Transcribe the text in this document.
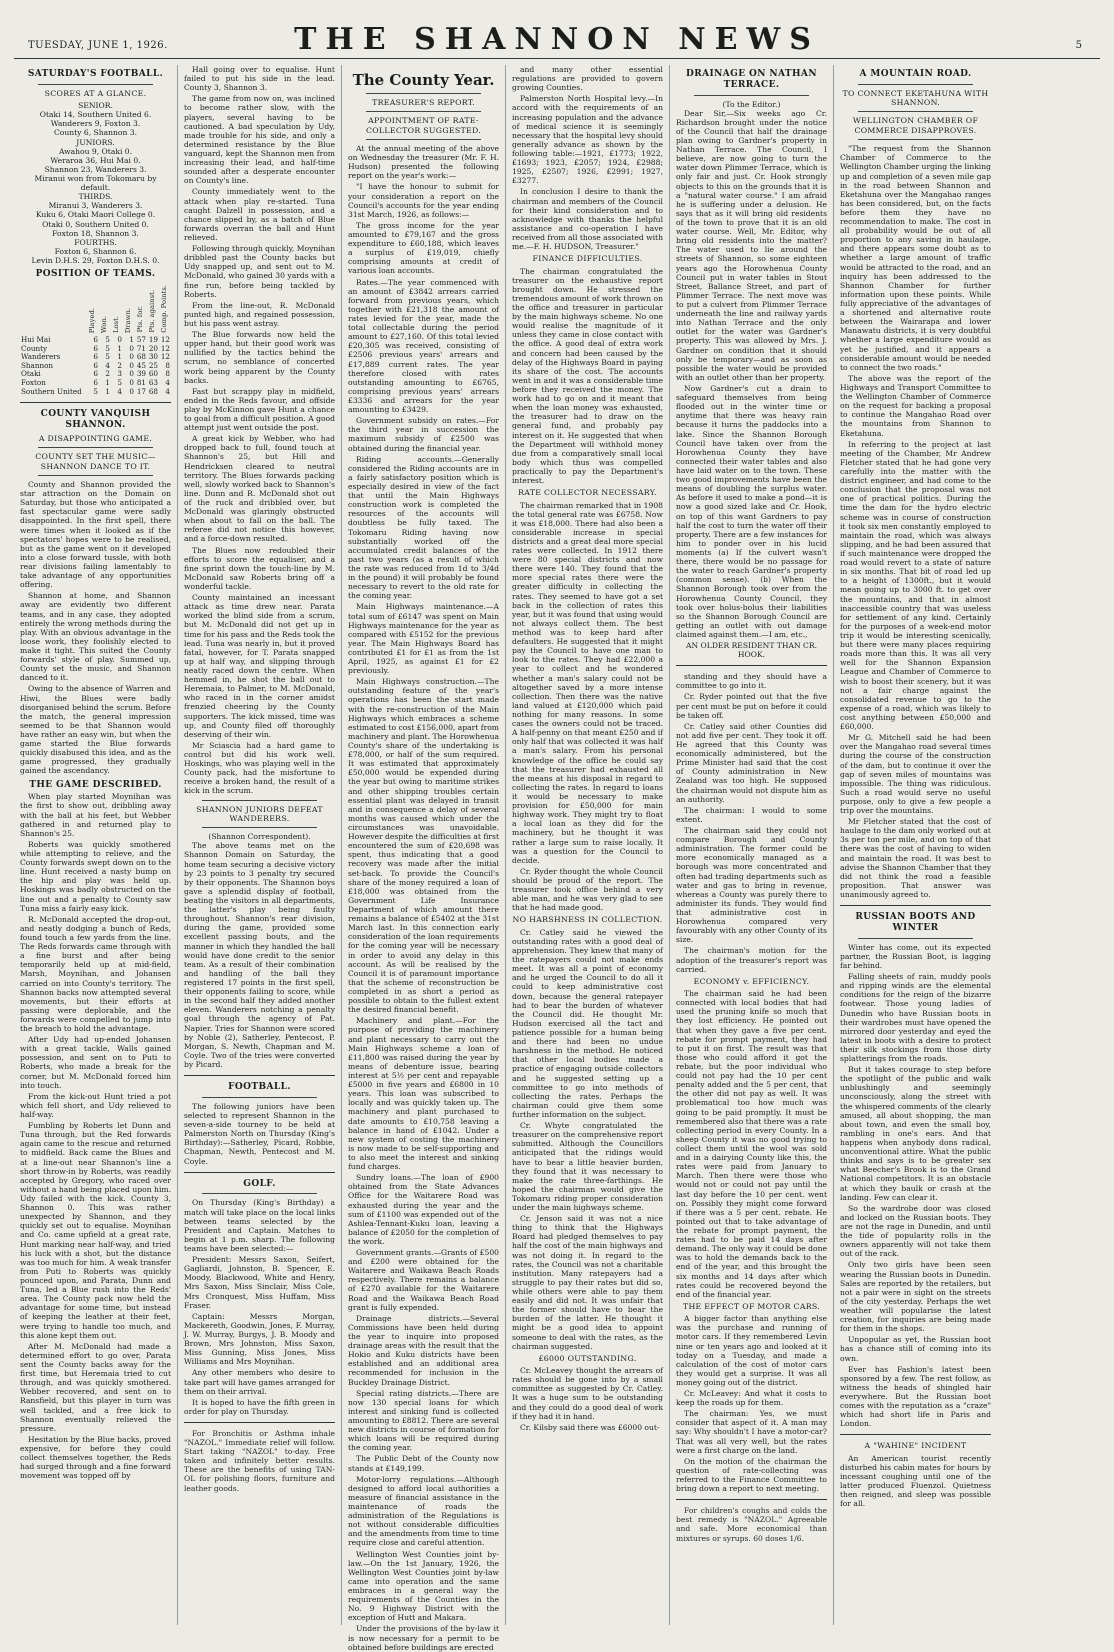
TUESDAY, JUNE 1, 1926.	THE SHANNON NEWS	5
SATURDAY'S FOOTBALL.
SCORES AT A GLANCE.
SENIOR.
Otaki 14, Southern United 6.
Wanderers 9, Foxton 3.
County 6, Shannon 3.
JUNIORS.
Awahou 9, Otaki 0.
Weraroa 36, Hui Mai 0.
Shannon 23, Wanderers 3.
Miranui won from Tokomaru by default.
THIRDS.
Miranui 3, Wanderers 3.
Kuku 6, Otaki Maori College 0.
Otaki 0, Southern United 0.
Foxton 18, Shannon 3.
FOURTHS.
Foxton 6, Shannon 6.
Levin D.H.S. 29, Foxton D.H.S. 0.
POSITION OF TEAMS.
	Played.	Won.	Lost.	Drawn.	Pts. for.	Pts. against.	Comp. Points.
Hui Mai	6	5	0	1	57	19	12
County	6	5	1	0	71	20	12
Wanderers	6	5	1	0	68	30	12
Shannon	6	4	2	0	45	25	8
Otaki	6	2	3	0	39	60	8
Foxton	6	1	5	0	81	63	4
Southern United	5	1	4	0	17	68	4
COUNTY VANQUISH SHANNON.
A DISAPPOINTING GAME.
COUNTY SET THE MUSIC—SHANNON DANCE TO IT.

County and Shannon provided the star attraction on the Domain on Saturday, but those who anticipated a fast spectacular game were sadly disappointed. In the first spell, there were times when it looked as if the spectators' hopes were to be realised, but as the game went on it developed into a close forward tussle, with both rear divisions failing lamentably to take advantage of any opportunities offering.

Shannon at home, and Shannon away are evidently two different teams, and in any case, they adopted entirely the wrong methods during the play. With an obvious advantage in the loose work, they foolishly elected to make it tight. This suited the County forwards' style of play. Summed up, County set the music, and Shannon danced to it.

Owing to the absence of Warren and Hiwi, the Blues were badly disorganised behind the scrum. Before the match, the general impression seemed to be that Shannon would have rather an easy win, but when the game started the Blue forwards quickly disabused this idea, and as the game progressed, they gradually gained the ascendancy.

THE GAME DESCRIBED.

When play started Moynihan was the first to show out, dribbling away with the ball at his feet, but Webber gathered in and returned play to Shannon's 25.

Roberts was quickly smothered while attempting to relieve, and the County forwards swept down on to the line. Hunt received a nasty bump on the hip and play was held up. Hoskings was badly obstructed on the line out and a penalty to County saw Tuna miss a fairly easy kick.

R. McDonald accepted the drop-out, and neatly dodging a bunch of Reds, found touch a few yards from the line. The Reds forwards came through with a fine burst and after being temporarily held up at mid-field, Marsh, Moynihan, and Johansen carried on into County's territory. The Shannon backs now attempted several movements, but their efforts at passing were deplorable, and the forwards were compelled to jump into the breach to hold the advantage.

After Udy had up-ended Johansen with a great tackle, Walls gained possession, and sent on to Puti to Roberts, who made a break for the corner, but M. McDonald forced him into touch.

From the kick-out Hunt tried a pot which fell short, and Udy relieved to half-way.

Fumbling by Roberts let Dunn and Tuna through, but the Red forwards again came to the rescue and returned to midfield. Back came the Blues and at a line-out near Shannon's line a short throw-in by Roberts, was readily accepted by Gregory, who raced over without a hand being placed upon him. Udy failed with the kick. County 3, Shannon 0. This was rather unexpected by Shannon, and they quickly set out to equalise. Moynihan and Co. came upfield at a great rate, Hunt marking near half-way, and tried his luck with a shot, but the distance was too much for him. A weak transfer from Puti to Roberts was quickly pounced upon, and Parata, Dunn and Tuna, led a Blue rush into the Reds' area. The County pack now held the advantage for some time, but instead of keeping the leather at their feet, were trying to handle too much, and this alone kept them out.

After M. McDonald had made a determined effort to go over, Parata sent the County backs away for the first time, but Heremaia tried to cut through, and was quickly smothered. Webber recovered, and sent on to Ransfield, but this player in turn was well tackled, and a free kick to Shannon eventually relieved the pressure.

Hesitation by the Blue backs, proved expensive, for before they could collect themselves together, the Reds had surged through and a fine forward movement was topped off by

Hall going over to equalise. Hunt failed to put his side in the lead. County 3, Shannon 3.

The game from now on, was inclined to become rather slow, with the players, several having to be cautioned. A bad speculation by Udy, made trouble for his side, and only a determined resistance by the Blue vanguard, kept the Shannon men from increasing their lead, and half-time sounded after a desperate encounter on County's line.

County immediately went to the attack when play re-started. Tuna caught Dalzell in possession, and a chance slipped by, as a batch of Blue forwards overran the ball and Hunt relieved.

Following through quickly, Moynihan dribbled past the County backs but Udy snapped up, and sent out to M. McDonald, who gained 30 yards with a fine run, before being tackled by Roberts.

From the line-out, R. McDonald punted high, and regained possession, but his pass went astray.

The Blue forwards now held the upper hand, but their good work was nullified by the tactics behind the scrum, no semblance of concerted work being apparent by the County backs.

Fast but scrappy play in midfield, ended in the Reds favour, and offside play by McKinnon gave Hunt a chance to goal from a difficult position. A good attempt just went outside the post.

A great kick by Webber, who had dropped back to full, found touch at Shannon's 25, but Hill and Hendricksen cleared to neutral territory. The Blues forwards packing well, slowly worked back to Shannon's line. Dunn and R. McDonald shot out of the ruck and dribbled over, but McDonald was glaringly obstructed when about to fall on the ball. The referee did not notice this however, and a force-down resulted.

The Blues now redoubled their efforts to score the equaliser, and a fine sprint down the touch-line by M. McDonald saw Roberts bring off a wonderful tackle.

County maintained an incessant attack as time drew near. Parata worked the blind side from a scrum, but M. McDonald did not get up in time for his pass and the Reds took the lead. Tuna was nearly in, but it proved fatal, however, for T. Parata snapped up at half way, and slipping through neatly raced down the centre. When hemmed in, he shot the ball out to Heremaia, to Palmer, to M. McDonald, who raced in in the corner amidst frenzied cheering by the County supporters. The kick missed, time was up, and County filed off thoroughly deserving of their win.

Mr Sciascia had a hard game to control but did his work well. Hoskings, who was playing well in the County pack, had the misfortune to receive a broken hand, the result of a kick in the scrum.

SHANNON JUNIORS DEFEAT WANDERERS.
(Shannon Correspondent).

The above teams met on the Shannon Domain on Saturday, the home team securing a decisive victory by 23 points to 3 penalty try secured by their opponents. The Shannon boys gave a splendid display of football, beating the visitors in all departments, the latter's play being faulty throughout. Shannon's rear division, during the game, provided some excellent passing bouts, and the manner in which they handled the ball would have done credit to the senior team. As a result of their combination and handling of the ball they registered 17 points in the first spell, their opponents failing to score, while in the second half they added another eleven. Wanderers notching a penalty goal through the agency of Pat. Napier. Tries for Shannon were scored by Noble (2), Satherley, Pentecost, P. Morgan, S. Newth, Chapman and M. Coyle. Two of the tries were converted by Picard.

FOOTBALL.

The following juniors have been selected to represent Shannon in the seven-a-side tourney to be held at Palmerston North on Thursday (King's Birthday):—Satherley, Picard, Robbie, Chapman, Newth, Pentecost and M. Coyle.

GOLF.

On Thursday (King's Birthday) a match will take place on the local links between teams selected by the President and Captain. Matches to begin at 1 p.m. sharp. The following teams have been selected:—

President: Messrs Saxon, Seifert, Gagliardi, Johnston, B. Spencer, E. Moody, Blackwood, White and Henry, Mrs Saxon, Miss Sinclair, Miss Cole, Mrs Cronquest, Miss Huffam, Miss Fraser.

Captain: Messrs Morgan, Mackereth, Goodwin, Jones, F. Murray, J. W. Murray, Burgys, J. B. Moody and Brown, Mrs Johnston, Miss Saxon, Miss Gunning, Miss Jones, Miss Williams and Mrs Moynihan.

Any other members who desire to take part will have games arranged for them on their arrival.

It is hoped to have the fifth green in order for play on Thursday.

For Bronchitis or Asthma inhale "NAZOL." Immediate relief will follow. Start taking "NAZOL" to-day. Free taken and infinitely better results. These are the benefits of using TAN-OL for polishing floors, furniture and leather goods.

The County Year.
TREASURER'S REPORT.
APPOINTMENT OF RATE-COLLECTOR SUGGESTED.

At the annual meeting of the above on Wednesday the treasurer (Mr. F. H. Hudson) presented the following report on the year's work:—

"I have the honour to submit for your consideration a report on the Council's accounts for the year ending 31st March, 1926, as follows:—

The gross income for the year amounted to £79,167 and the gross expenditure to £60,188, which leaves a surplus of £19,019, chiefly comprising amounts at credit of various loan accounts.

Rates.—The year commenced with an amount of £3842 arrears carried forward from previous years, which together with £21,318 the amount of rates levied for the year, made the total collectable during the period amount to £27,160. Of this total levied £20,305 was received, consisting of £2506 previous years' arrears and £17,889 current rates. The year therefore closed with rates outstanding amounting to £6765, comprising previous years' arrears £3336 and arrears for the year amounting to £3429.

Government subsidy on rates.—For the third year in succession the maximum subsidy of £2500 was obtained during the financial year.

Riding accounts.—Generally considered the Riding accounts are in a fairly satisfactory position which is especially desired in view of the fact that until the Main Highways construction work is completed the resources of the accounts will doubtless be fully taxed. The Tokomaru Riding having now substantially worked off the accumulated credit balances of the past two years (as a result of which the rate was reduced from 1d to 3/4d in the pound) it will probably be found necessary to revert to the old rate for the coming year.

Main Highways maintenance.—A total sum of £6147 was spent on Main Highways maintenance for the year as compared with £5152 for the previous year. The Main Highways Board has contributed £1 for £1 as from the 1st April, 1925, as against £1 for £2 previously.

Main Highways construction.—The outstanding feature of the year's operations has been the start made with the re-construction of the Main Highways which embraces a scheme estimated to cost £156,000, apart from machinery and plant. The Horowhenua County's share of the undertaking is £78,000, or half of the sum required. It was estimated that approximately £50,000 would be expended during the year but owing to maritime strikes and other shipping troubles certain essential plant was delayed in transit and in consequence a delay of several months was caused which under the circumstances was unavoidable. However despite the difficulties at first encountered the sum of £20,698 was spent, thus indicating that a good recovery was made after the initial set-back. To provide the Council's share of the money required a loan of £18,000 was obtained from the Government Life Insurance Department of which amount there remains a balance of £5402 at the 31st March last. In this connection early consideration of the loan requirements for the coming year will be necessary in order to avoid any delay in this account. As will be realised by the Council it is of paramount importance that the scheme of reconstruction be completed in as short a period as possible to obtain to the fullest extent the desired financial benefit.

Machinery and plant.—For the purpose of providing the machinery and plant necessary to carry out the Main Highways scheme a loan of £11,800 was raised during the year by means of debenture issue, bearing interest at 5½ per cent and repayable £5000 in five years and £6800 in 10 years. This loan was subscribed to locally and was quickly taken up. The machinery and plant purchased to date amounts to £10,758 leaving a balance in hand of £1042. Under a new system of costing the machinery is now made to be self-supporting and to also meet the interest and sinking fund charges.

Sundry loans.—The loan of £900 obtained from the State Advances Office for the Waitarere Road was exhausted during the year and the sum of £1100 was expended out of the Ashlea-Tennant-Kuku loan, leaving a balance of £2050 for the completion of the work.

Government grants.—Grants of £500 and £200 were obtained for the Waitarere and Waikawa Beach Roads respectively. There remains a balance of £270 available for the Waitarere Road and the Waikawa Beach Road grant is fully expended.

Drainage districts.—Several Commissions have been held during the year to inquire into proposed drainage areas with the result that the Hokio and Kuku districts have been established and an additional area recommended for inclusion in the Buckley Drainage District.

Special rating districts.—There are now 130 special loans for which interest and sinking fund is collected amounting to £8812. There are several new districts in course of formation for which loans will be required during the coming year.

The Public Debt of the County now stands at £149,199.

Motor-lorry regulations.—Although designed to afford local authorities a measure of financial assistance in the maintenance of roads the administration of the Regulations is not without considerable difficulties and the amendments from time to time require close and careful attention.

Wellington West Counties joint by-law.—On the 1st January, 1926, the Wellington West Counties joint by-law came into operation and the same embraces in a general way the requirements of the Counties in the No. 9 Highway District with the exception of Hutt and Makara.

Under the provisions of the by-law it is now necessary for a permit to be obtained before buildings are erected

and many other essential regulations are provided to govern growing Counties.

Palmerston North Hospital levy.—In accord with the requirements of an increasing population and the advance of medical science it is seemingly necessary that the hospital levy should generally advance as shown by the following table:—1921, £1773; 1922, £1693; 1923, £2057; 1924, £2988; 1925, £2507; 1926, £2991; 1927, £3277.

In conclusion I desire to thank the chairman and members of the Council for their kind consideration and to acknowledge with thanks the helpful assistance and co-operation I have received from all those associated with me.—F. H. HUDSON, Treasurer."

FINANCE DIFFICULTIES.

The chairman congratulated the treasurer on the exhaustive report brought down. He stressed the tremendous amount of work thrown on the office and treasurer in particular by the main highways scheme. No one would realise the magnitude of it unless they came in close contact with the office. A good deal of extra work and concern had been caused by the delay of the Highways Board in paying its share of the cost. The accounts went in and it was a considerable time before they received the money. The work had to go on and it meant that when the loan money was exhausted, the treasurer had to draw on the general fund, and probably pay interest on it. He suggested that when the Department will withhold money due from a comparatively small local body which thus was compelled practically to pay the Department's interest.

RATE COLLECTOR NECESSARY.

The chairman remarked that in 1908 the total general rate was £6758. Now it was £18,000. There had also been a considerable increase in special districts and a great deal more special rates were collected. In 1912 there were 80 special districts and now there were 140. They found that the more special rates there were the greater difficulty in collecting the rates. They seemed to have got a set back in the collection of rates this year, but it was found that using would not always collect them. The best method was to keep hard after defaulters. He suggested that it might pay the Council to have one man to look to the rates. They had £22,000 a year to collect and he wondered whether a man's salary could not be altogether saved by a more intense collection. Then there was the native land valued at £120,000 which paid nothing for many reasons. In some cases the owners could not be traced. A half-penny on that meant £250 and if only half that was collected it was half a man's salary. From his personal knowledge of the office he could say that the treasurer had exhausted all the means at his disposal in regard to collecting the rates. In regard to loans it would be necessary to make provision for £50,000 for main highway work. They might try to float a local loan as they did for the machinery, but he thought it was rather a large sum to raise locally. It was a question for the Council to decide.

Cr. Ryder thought the whole Council should be proud of the report. The treasurer took office behind a very able man, and he was very glad to see that he had made good.

NO HARSHNESS IN COLLECTION.

Cr. Catley said he viewed the outstanding rates with a good deal of apprehension. They knew that many of the ratepayers could not make ends meet. It was all a point of economy and he urged the Council to do all it could to keep administrative cost down, because the general ratepayer had to bear the burden of whatever the Council did. He thought Mr. Hudson exercised all the tact and patience possible for a human being and there had been no undue harshness in the method. He noticed that other local bodies made a practice of engaging outside collectors and he suggested setting up a committee to go into methods of collecting the rates. Perhaps the chairman could give them some further information on the subject.

Cr. Whyte congratulated the treasurer on the comprehensive report submitted. Although the Councillors anticipated that the ridings would have to bear a little heavier burden, they found that it was necessary to make the rate three-farthings. He hoped the chairman would give the Tokomaru riding proper consideration under the main highways scheme.

Cr. Jenson said it was not a nice thing to think that the Highways Board had pledged themselves to pay half the cost of the main highways and was not doing it. In regard to the rates, the Council was not a charitable institution. Many ratepayers had a struggle to pay their rates but did so, while others were able to pay them easily and did not. It was unfair that the former should have to bear the burden of the latter. He thought it might be a good idea to appoint someone to deal with the rates, as the chairman suggested.

£6000 OUTSTANDING.

Cr. McLeavey thought the arrears of rates should be gone into by a small committee as suggested by Cr. Catley. It was a huge sum to be outstanding and they could do a good deal of work if they had it in hand.

Cr. Kilsby said there was £6000 out-

DRAINAGE ON NATHAN TERRACE.
(To the Editor.)

Dear Sir,—Six weeks ago Cr. Richardson brought under the notice of the Council that half the drainage plan owing to Gardner's property in Nathan Terrace. The Council, I believe, are now going to turn the water down Plimmer Terrace, which is only fair and just. Cr. Hook strongly objects to this on the grounds that it is a "natural water course." I am afraid he is suffering under a delusion. He says that as it will bring old residents of the town to prove that it is an old water course. Well, Mr. Editor, why bring old residents into the matter? The water used to lie around the streets of Shannon, so some eighteen years ago the Horowhenua County Council put in water tables in Stout Street, Ballance Street, and part of Plimmer Terrace. The next move was to put a culvert from Plimmer Terrace underneath the line and railway yards into Nathan Terrace and the only outlet for the water was Gardner's property. This was allowed by Mrs. J. Gardner on condition that it should only be temporary—and as soon as possible the water would be provided with an outlet other than her property.

Now Gardner's cut a drain to safeguard themselves from being flooded out in the winter time or anytime that there was heavy rain because it turns the paddocks into a lake. Since the Shannon Borough Council have taken over from the Horowhenua County they have connected their water tables and also have laid water on to the town. These two good improvements have been the means of doubling the surplus water. As before it used to make a pond—it is now a good sized lake and Cr. Hook, on top of this want Gardners to pay half the cost to turn the water off their property. There are a few instances for him to ponder over in his lucid moments (a) If the culvert wasn't there, there would be no passage for the water to reach Gardner's property (common sense). (b) When the Shannon Borough took over from the Horowhenua County Council, they took over holus-bolus their liabilities so the Shannon Borough Council are getting an outlet with out damage claimed against them.—I am, etc.,

AN OLDER RESIDENT THAN CR. HOOK.

standing and they should have a committee to go into it.

Cr. Ryder pointed out that the five per cent must be put on before it could be taken off.

Cr. Catley said other Counties did not add five per cent. They took it off. He agreed that this County was economically administered, but the Prime Minister had said that the cost of County administration in New Zealand was too high. He supposed the chairman would not dispute him as an authority.

The chairman: I would to some extent.

The chairman said they could not compare Borough and County administration. The former could be more economically managed as a borough was more concentrated and often had trading departments such as water and gas to bring in revenue, whereas a County was purely there to administer its funds. They would find that administrative cost in Horowhenua compared very favourably with any other County of its size.

The chairman's motion for the adoption of the treasurer's report was carried.

ECONOMY v. EFFICIENCY.

The chairman said he had been connected with local bodies that had used the pruning knife so much that they lost efficiency. He pointed out that when they gave a five per cent. rebate for prompt payment, they had to put it on first. The result was that those who could afford it got the rebate, but the poor individual who could not pay had the 10 per cent penalty added and the 5 per cent, that the other did not pay as well. It was problematical too how much was going to be paid promptly. It must be remembered also that there was a rate collecting period in every County. In a sheep County it was no good trying to collect them until the wool was sold and in a dairying County like this, the rates were paid from January to March. Then there were those who would not or could not pay until the last day before the 10 per cent. went on. Possibly they might come forward if there was a 5 per cent. rebate. He pointed out that to take advantage of the rebate for prompt payment, the rates had to be paid 14 days after demand. The only way it could be done was to hold the demands back to the end of the year, and this brought the six months and 14 days after which rates could be recovered beyond the end of the financial year.

THE EFFECT OF MOTOR CARS.

A bigger factor than anything else was the purchase and running of motor cars. If they remembered Levin nine or ten years ago and looked at it today on a Tuesday, and made a calculation of the cost of motor cars they would get a surprise. It was all money going out of the district.

Cr. McLeavey: And what it costs to keep the roads up for them.

The chairman: Yes, we must consider that aspect of it. A man may say: Why shouldn't I have a motor-car? That was all very well, but the rates were a first charge on the land.

On the motion of the chairman the question of rate-collecting was referred to the Finance Committee to bring down a report to next meeting.

For children's coughs and colds the best remedy is "NAZOL." Agreeable and safe. More economical than mixtures or syrups. 60 doses 1/6.

A MOUNTAIN ROAD.
TO CONNECT EKETAHUNA WITH SHANNON.
WELLINGTON CHAMBER OF COMMERCE DISAPPROVES.

"The request from the Shannon Chamber of Commerce to the Wellington Chamber urging the linking up and completion of a seven mile gap in the road between Shannon and Eketahuna over the Mangahao ranges has been considered, but, on the facts before them they have no recommendation to make. The cost in all probability would be out of all proportion to any saving in haulage, and there appears some doubt as to whether a large amount of traffic would be attracted to the road, and an inquiry has been addressed to the Shannon Chamber for further information upon these points. While fully appreciative of the advantages of a shortened and alternative route between the Wairarapa and lower Manawatu districts, it is very doubtful whether a large expenditure would as yet be justified, and it appears a considerable amount would be needed to connect the two roads."

The above was the report of the Highways and Transport Committee to the Wellington Chamber of Commerce on the request for backing a proposal to continue the Mangahao Road over the mountains from Shannon to Eketahuna.

In referring to the project at last meeting of the Chamber, Mr Andrew Fletcher stated that he had gone very carefully into the matter with the district engineer, and had come to the conclusion that the proposal was not one of practical politics. During the time the dam for the hydro electric scheme was in course of construction it took six men constantly employed to maintain the road, which was always slipping, and he had been assured that if such maintenance were dropped the road would revert to a state of nature in six months. That bit of road led up to a height of 1300ft., but it would mean going up to 3000 ft. to get over the mountains, and that in almost inaccessible country that was useless for settlement of any kind. Certainly for the purposes of a week-end motor trip it would be interesting scenically, but there were many places requiring roads more than this. It was all very well for the Shannon Expansion League and Chamber of Commerce to wish to boost their scenery, but it was not a fair charge against the consolidated revenue to go to the expense of a road, which was likely to cost anything between £50,000 and £60,000.

Mr G. Mitchell said he had been over the Mangahao road several times during the course of the construction of the dam, but to continue it over the gap of seven miles of mountains was impossible. The thing was ridiculous. Such a road would serve no useful purpose, only to give a few people a trip over the mountains.

Mr Fletcher stated that the cost of haulage to the dam only worked out at 3s per ton per mile, and on top of that there was the cost of having to widen and maintain the road. It was best to advise the Shannon Chamber that they did not think the road a feasible proposition. That answer was unanimously agreed to.

RUSSIAN BOOTS AND WINTER

Winter has come, out its expected partner, the Russian Boot, is lagging far behind.

Falling sheets of rain, muddy pools and ripping winds are the elemental conditions for the reign of the bizarre footwear. Those young ladies of Dunedin who have Russian boots in their wardrobes must have opened the mirrored door yesterday and eyed the latest in boots with a desire to protect their silk stockings from those dirty splatterings from the roads.

But it takes courage to step before the spotlight of the public and walk unblushingly and seemingly unconsciously, along the street with the whispered comments of the clearly amused, all about shopping, the man about town, and even the small boy, rambling in one's ears. And that happens when anybody dons radical, unconventional attire. What the public thinks and says is to be greater sex what Beecher's Brook is to the Grand National competitors. It is an obstacle at which they baulk or crash at the landing. Few can clear it.

So the wardrobe door was closed and locked on the Russian boots. They are not the rage in Dunedin, and until the tide of popularity rolls in the owners apparently will not take them out of the rack.

Only two girls have been seen wearing the Russian boots in Dunedin. Sales are reported by the retailers, but not a pair were in sight on the streets of the city yesterday. Perhaps the wet weather will popularise the latest creation, for inquiries are being made for them in the shops.

Unpopular as yet, the Russian boot has a chance still of coming into its own.

Ever has Fashion's latest been sponsored by a few. The rest follow, as witness the heads of shingled hair everywhere. But the Russian boot comes with the reputation as a "craze" which had short life in Paris and London.

A "WAHINE" INCIDENT

An American tourist recently disturbed his cabin mates for hours by incessant coughing until one of the latter produced Fluenzol. Quietness then reigned, and sleep was possible for all.
